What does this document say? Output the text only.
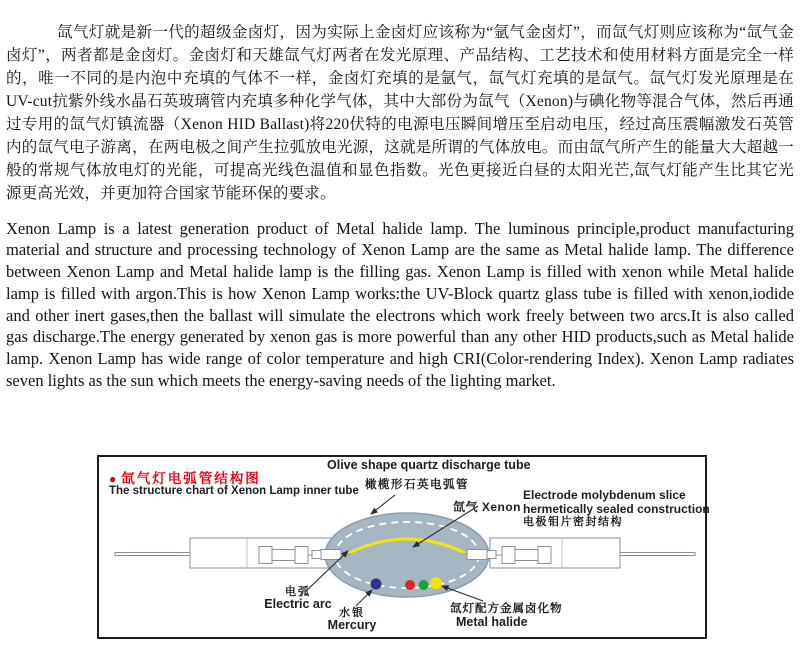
氙气灯就是新一代的超级金卤灯，因为实际上金卤灯应该称为“氩气金卤灯”，而氙气灯则应该称为“氙气金卤灯”，两者都是金卤灯。金卤灯和天雄氙气灯两者在发光原理、产品结构、工艺技术和使用材料方面是完全一样的，唯一不同的是内泡中充填的气体不一样，金卤灯充填的是氩气，氙气灯充填的是氙气。氙气灯发光原理是在UV-cut抗紫外线水晶石英玻璃管内充填多种化学气体，其中大部份为氙气（Xenon)与碘化物等混合气体，然后再通过专用的氙气灯镇流器（Xenon HID Ballast)将220伏特的电源电压瞬间增压至启动电压，经过高压震幅激发石英管内的氙气电子游离，在两电极之间产生拉弧放电光源，这就是所谓的气体放电。而由氙气所产生的能量大大超越一般的常规气体放电灯的光能，可提高光线色温值和显色指数。光色更接近白昼的太阳光芒,氙气灯能产生比其它光源更高光效，并更加符合国家节能环保的要求。

Xenon Lamp is a latest generation product of Metal halide lamp. The luminous principle,product manufacturing material and structure and processing technology of Xenon Lamp are the same as Metal halide lamp. The difference between Xenon Lamp and Metal halide lamp is the filling gas. Xenon Lamp is filled with xenon while Metal halide lamp is filled with argon.This is how Xenon Lamp works:the UV-Block quartz glass tube is filled with xenon,iodide and other inert gases,then the ballast will simulate the electrons which work freely between two arcs.It is also called gas discharge.The energy generated by xenon gas is more powerful than any other HID products,such as Metal halide lamp. Xenon Lamp has wide range of color temperature and high CRI(Color-rendering Index). Xenon Lamp radiates seven lights as the sun which meets the energy-saving needs of the lighting market.

● 氙气灯电弧管结构图
The structure chart of Xenon Lamp inner tube
Olive shape quartz discharge tube
橄榄形石英电弧管
氙气 Xenon
Electrode molybdenum slice
hermetically sealed construction
电极钼片密封结构
电弧
Electric arc
水银
Mercury
氙灯配方金属卤化物
Metal halide
